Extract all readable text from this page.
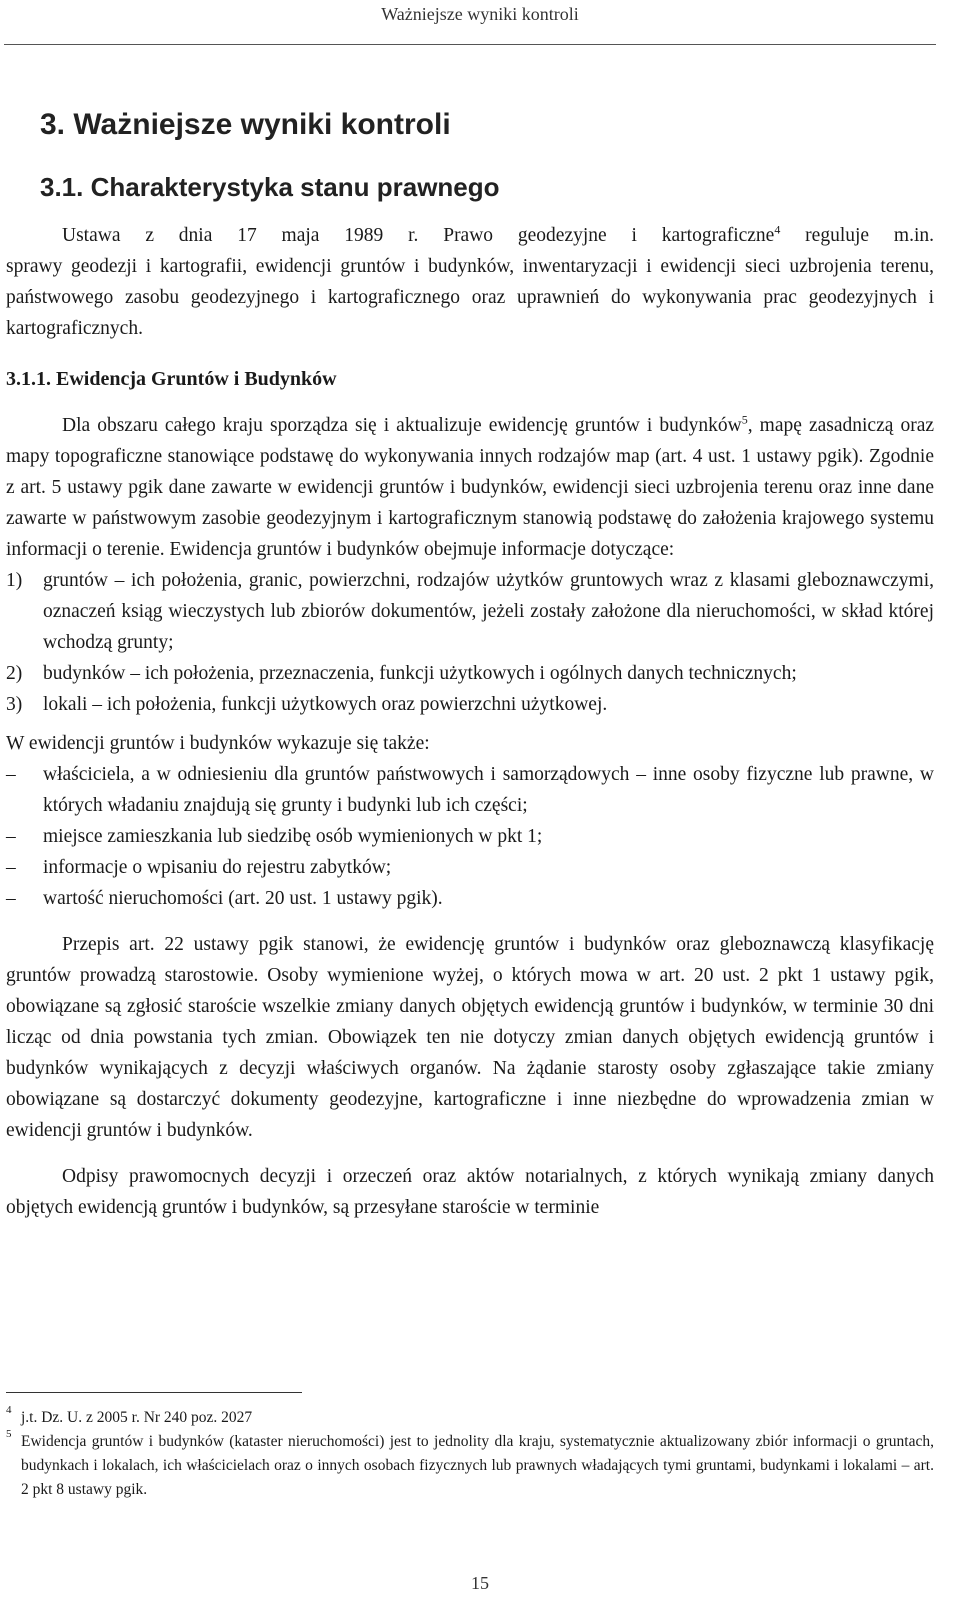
Ważniejsze wyniki kontroli
3. Ważniejsze wyniki kontroli
3.1. Charakterystyka stanu prawnego
Ustawa z dnia 17 maja 1989 r. Prawo geodezyjne i kartograficzne$^4$ reguluje m.in.
sprawy geodezji i kartografii, ewidencji gruntów i budynków, inwentaryzacji i ewidencji sieci uzbrojenia terenu, państwowego zasobu geodezyjnego i kartograficznego oraz uprawnień do wykonywania prac geodezyjnych i kartograficznych.
3.1.1. Ewidencja Gruntów i Budynków

Dla obszaru całego kraju sporządza się i aktualizuje ewidencję gruntów i budynków$^5$, mapę zasadniczą oraz mapy topograficzne stanowiące podstawę do wykonywania innych rodzajów map (art. 4 ust. 1 ustawy pgik). Zgodnie z art. 5 ustawy pgik dane zawarte w ewidencji gruntów i budynków, ewidencji sieci uzbrojenia terenu oraz inne dane zawarte w państwowym zasobie geodezyjnym i kartograficznym stanowią podstawę do założenia krajowego systemu informacji o terenie. Ewidencja gruntów i budynków obejmuje informacje dotyczące:

1) gruntów – ich położenia, granic, powierzchni, rodzajów użytków gruntowych wraz z klasami gleboznawczymi, oznaczeń ksiąg wieczystych lub zbiorów dokumentów, jeżeli zostały założone dla nieruchomości, w skład której wchodzą grunty;
2) budynków – ich położenia, przeznaczenia, funkcji użytkowych i ogólnych danych technicznych;
3) lokali – ich położenia, funkcji użytkowych oraz powierzchni użytkowej.

W ewidencji gruntów i budynków wykazuje się także:

– właściciela, a w odniesieniu dla gruntów państwowych i samorządowych – inne osoby fizyczne lub prawne, w których władaniu znajdują się grunty i budynki lub ich części;
– miejsce zamieszkania lub siedzibę osób wymienionych w pkt 1;
– informacje o wpisaniu do rejestru zabytków;
– wartość nieruchomości (art. 20 ust. 1 ustawy pgik).

Przepis art. 22 ustawy pgik stanowi, że ewidencję gruntów i budynków oraz gleboznawczą klasyfikację gruntów prowadzą starostowie. Osoby wymienione wyżej, o których mowa w art. 20 ust. 2 pkt 1 ustawy pgik, obowiązane są zgłosić staroście wszelkie zmiany danych objętych ewidencją gruntów i budynków, w terminie 30 dni licząc od dnia powstania tych zmian. Obowiązek ten nie dotyczy zmian danych objętych ewidencją gruntów i budynków wynikających z decyzji właściwych organów. Na żądanie starosty osoby zgłaszające takie zmiany obowiązane są dostarczyć dokumenty geodezyjne, kartograficzne i inne niezbędne do wprowadzenia zmian w ewidencji gruntów i budynków.

Odpisy prawomocnych decyzji i orzeczeń oraz aktów notarialnych, z których wynikają zmiany danych objętych ewidencją gruntów i budynków, są przesyłane staroście w terminie

4 j.t. Dz. U. z 2005 r. Nr 240 poz. 2027
5 Ewidencja gruntów i budynków (kataster nieruchomości) jest to jednolity dla kraju, systematycznie aktualizowany zbiór informacji o gruntach, budynkach i lokalach, ich właścicielach oraz o innych osobach fizycznych lub prawnych władających tymi gruntami, budynkami i lokalami – art. 2 pkt 8 ustawy pgik.
15
